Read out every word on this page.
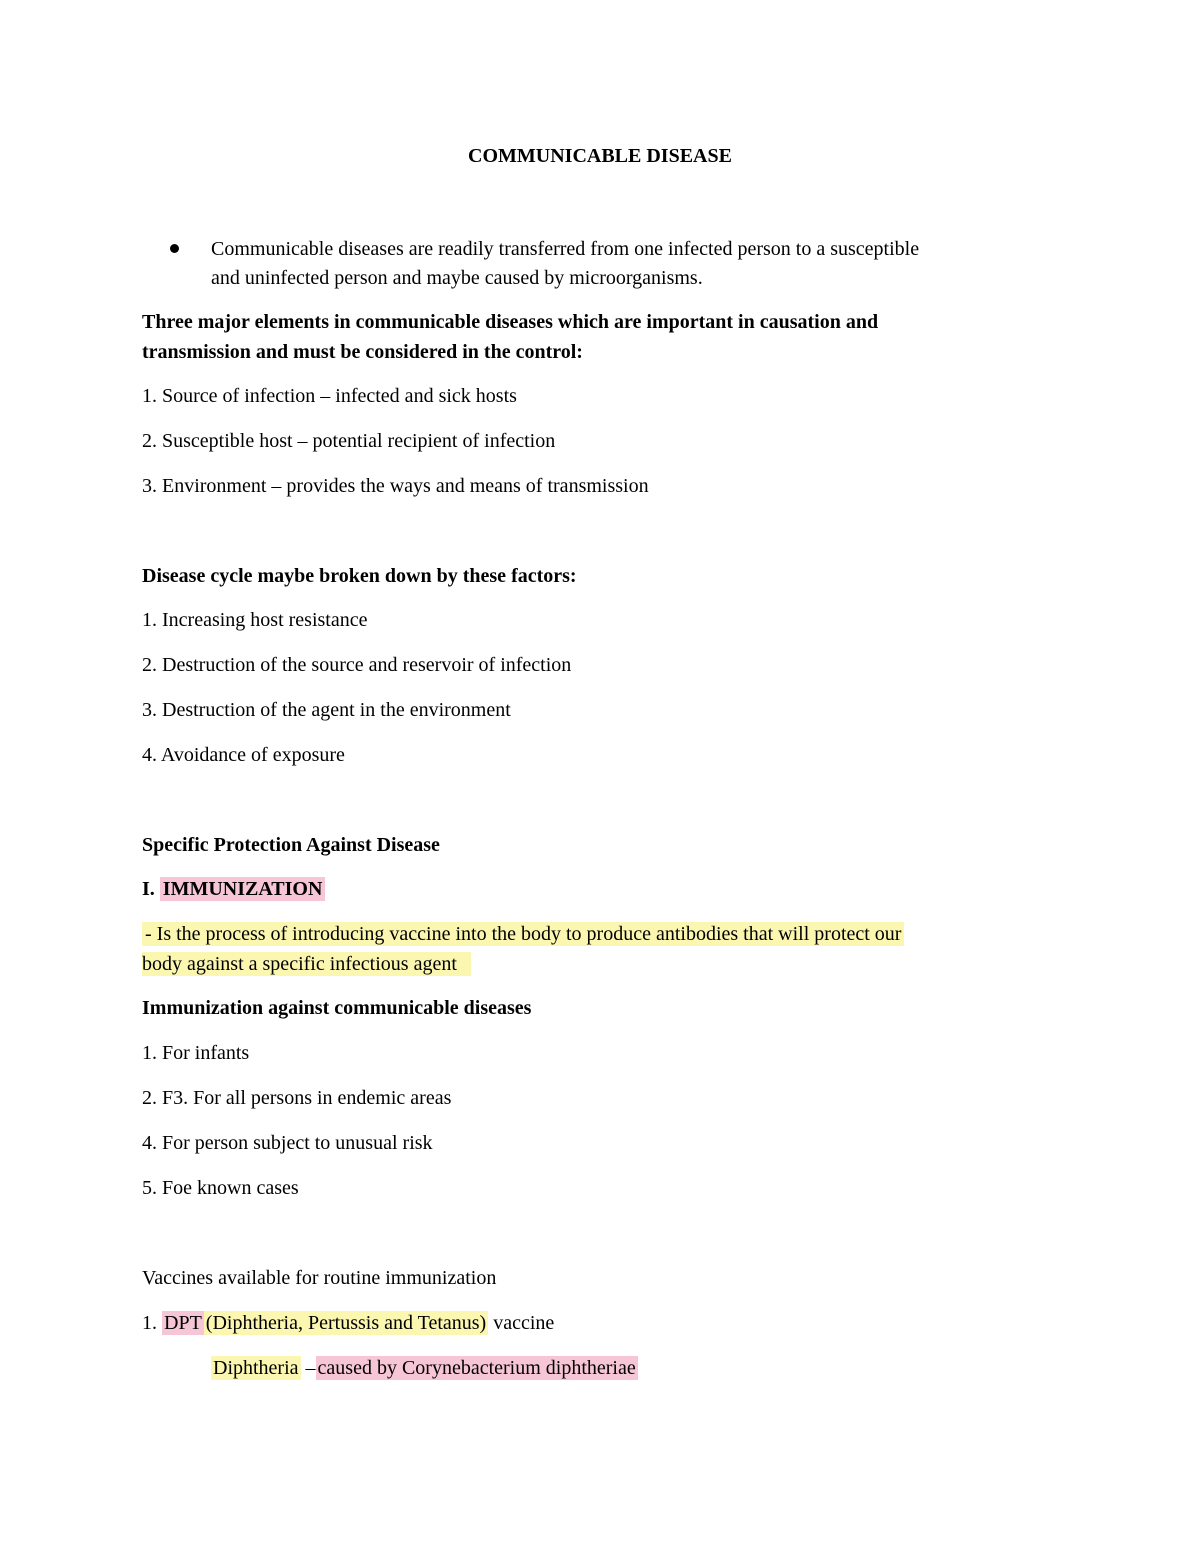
COMMUNICABLE DISEASE
Communicable diseases are readily transferred from one infected person to a susceptible
and uninfected person and maybe caused by microorganisms.
Three major elements in communicable diseases which are important in causation and
transmission and must be considered in the control:
1. Source of infection – infected and sick hosts
2. Susceptible host – potential recipient of infection
3. Environment – provides the ways and means of transmission
Disease cycle maybe broken down by these factors:
1. Increasing host resistance
2. Destruction of the source and reservoir of infection
3. Destruction of the agent in the environment
4. Avoidance of exposure
Specific Protection Against Disease
I. IMMUNIZATION
- Is the process of introducing vaccine into the body to produce antibodies that will protect our
body against a specific infectious agent
Immunization against communicable diseases
1. For infants
2. F3. For all persons in endemic areas
4. For person subject to unusual risk
5. Foe known cases
Vaccines available for routine immunization
1. DPT (Diphtheria, Pertussis and Tetanus) vaccine
Diphtheria – caused by Corynebacterium diphtheriae
